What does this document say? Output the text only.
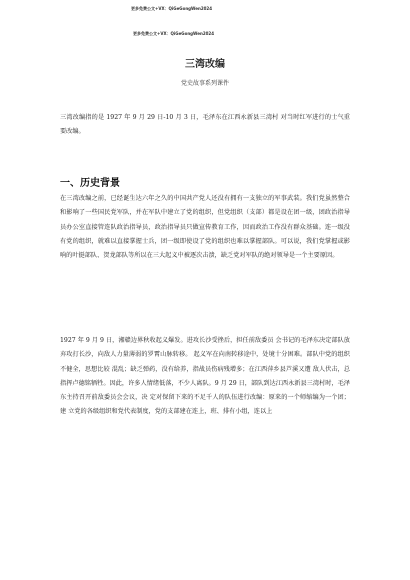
更多免费公文+VX：QiGeGongWen2024
更多免费公文+VX：QiGeGongWen2024
三湾改编

党史故事系列课件

三湾改编指的是 1927 年 9 月 29 日-10 月 3 日，毛泽东在江西永新县三湾村 对当时红军进行的士气重要改编。

一、历史背景

在三湾改编之前，已经诞生达六年之久的中国共产党人还没有拥有一支独立的军事武装。我们党虽然整合和影响了一些国民党军队，并在军队中建立了党的组织，但党组织（支部）都是设在团一级，团政治指导员办公室直接管连队政治指导员，政治指导员只做宣传教育工作，因而政治工作没有群众基础。连一级没有党的组织，就难以直接掌握士兵，团一级即使设了党的组织也难以掌握部队。可以说，我们党掌握或影响的叶挺部队、贺龙部队等所以在三大起义中被逐次击溃，缺乏党对军队的绝对领导是一个主要原因。

1927 年 9 月 9 日，湘赣边界秋收起义爆发。进攻长沙受挫后，担任前敌委员 会书记的毛泽东决定部队放弃攻打长沙，向敌人力量薄弱的罗霄山脉转移。 起义军在向南转移途中，处境十分困难。部队中党的组织不健全，思想比较 混乱；缺乏弹药，没有给养，指战员伤病残增多；在江西萍乡县芦溪又遭 敌人伏击，总指挥卢德铭牺牲。因此，许多人情绪低落，不少人离队。9 月 29 日，部队到达江西永新县三湾村时，毛泽东主持召开前敌委员会会议，决 定对保留下来的不足千人的队伍进行改编：原来的一个师缩编为一个团；建 立党的各级组织和党代表制度，党的支部建在连上，班、排有小组，连以上
